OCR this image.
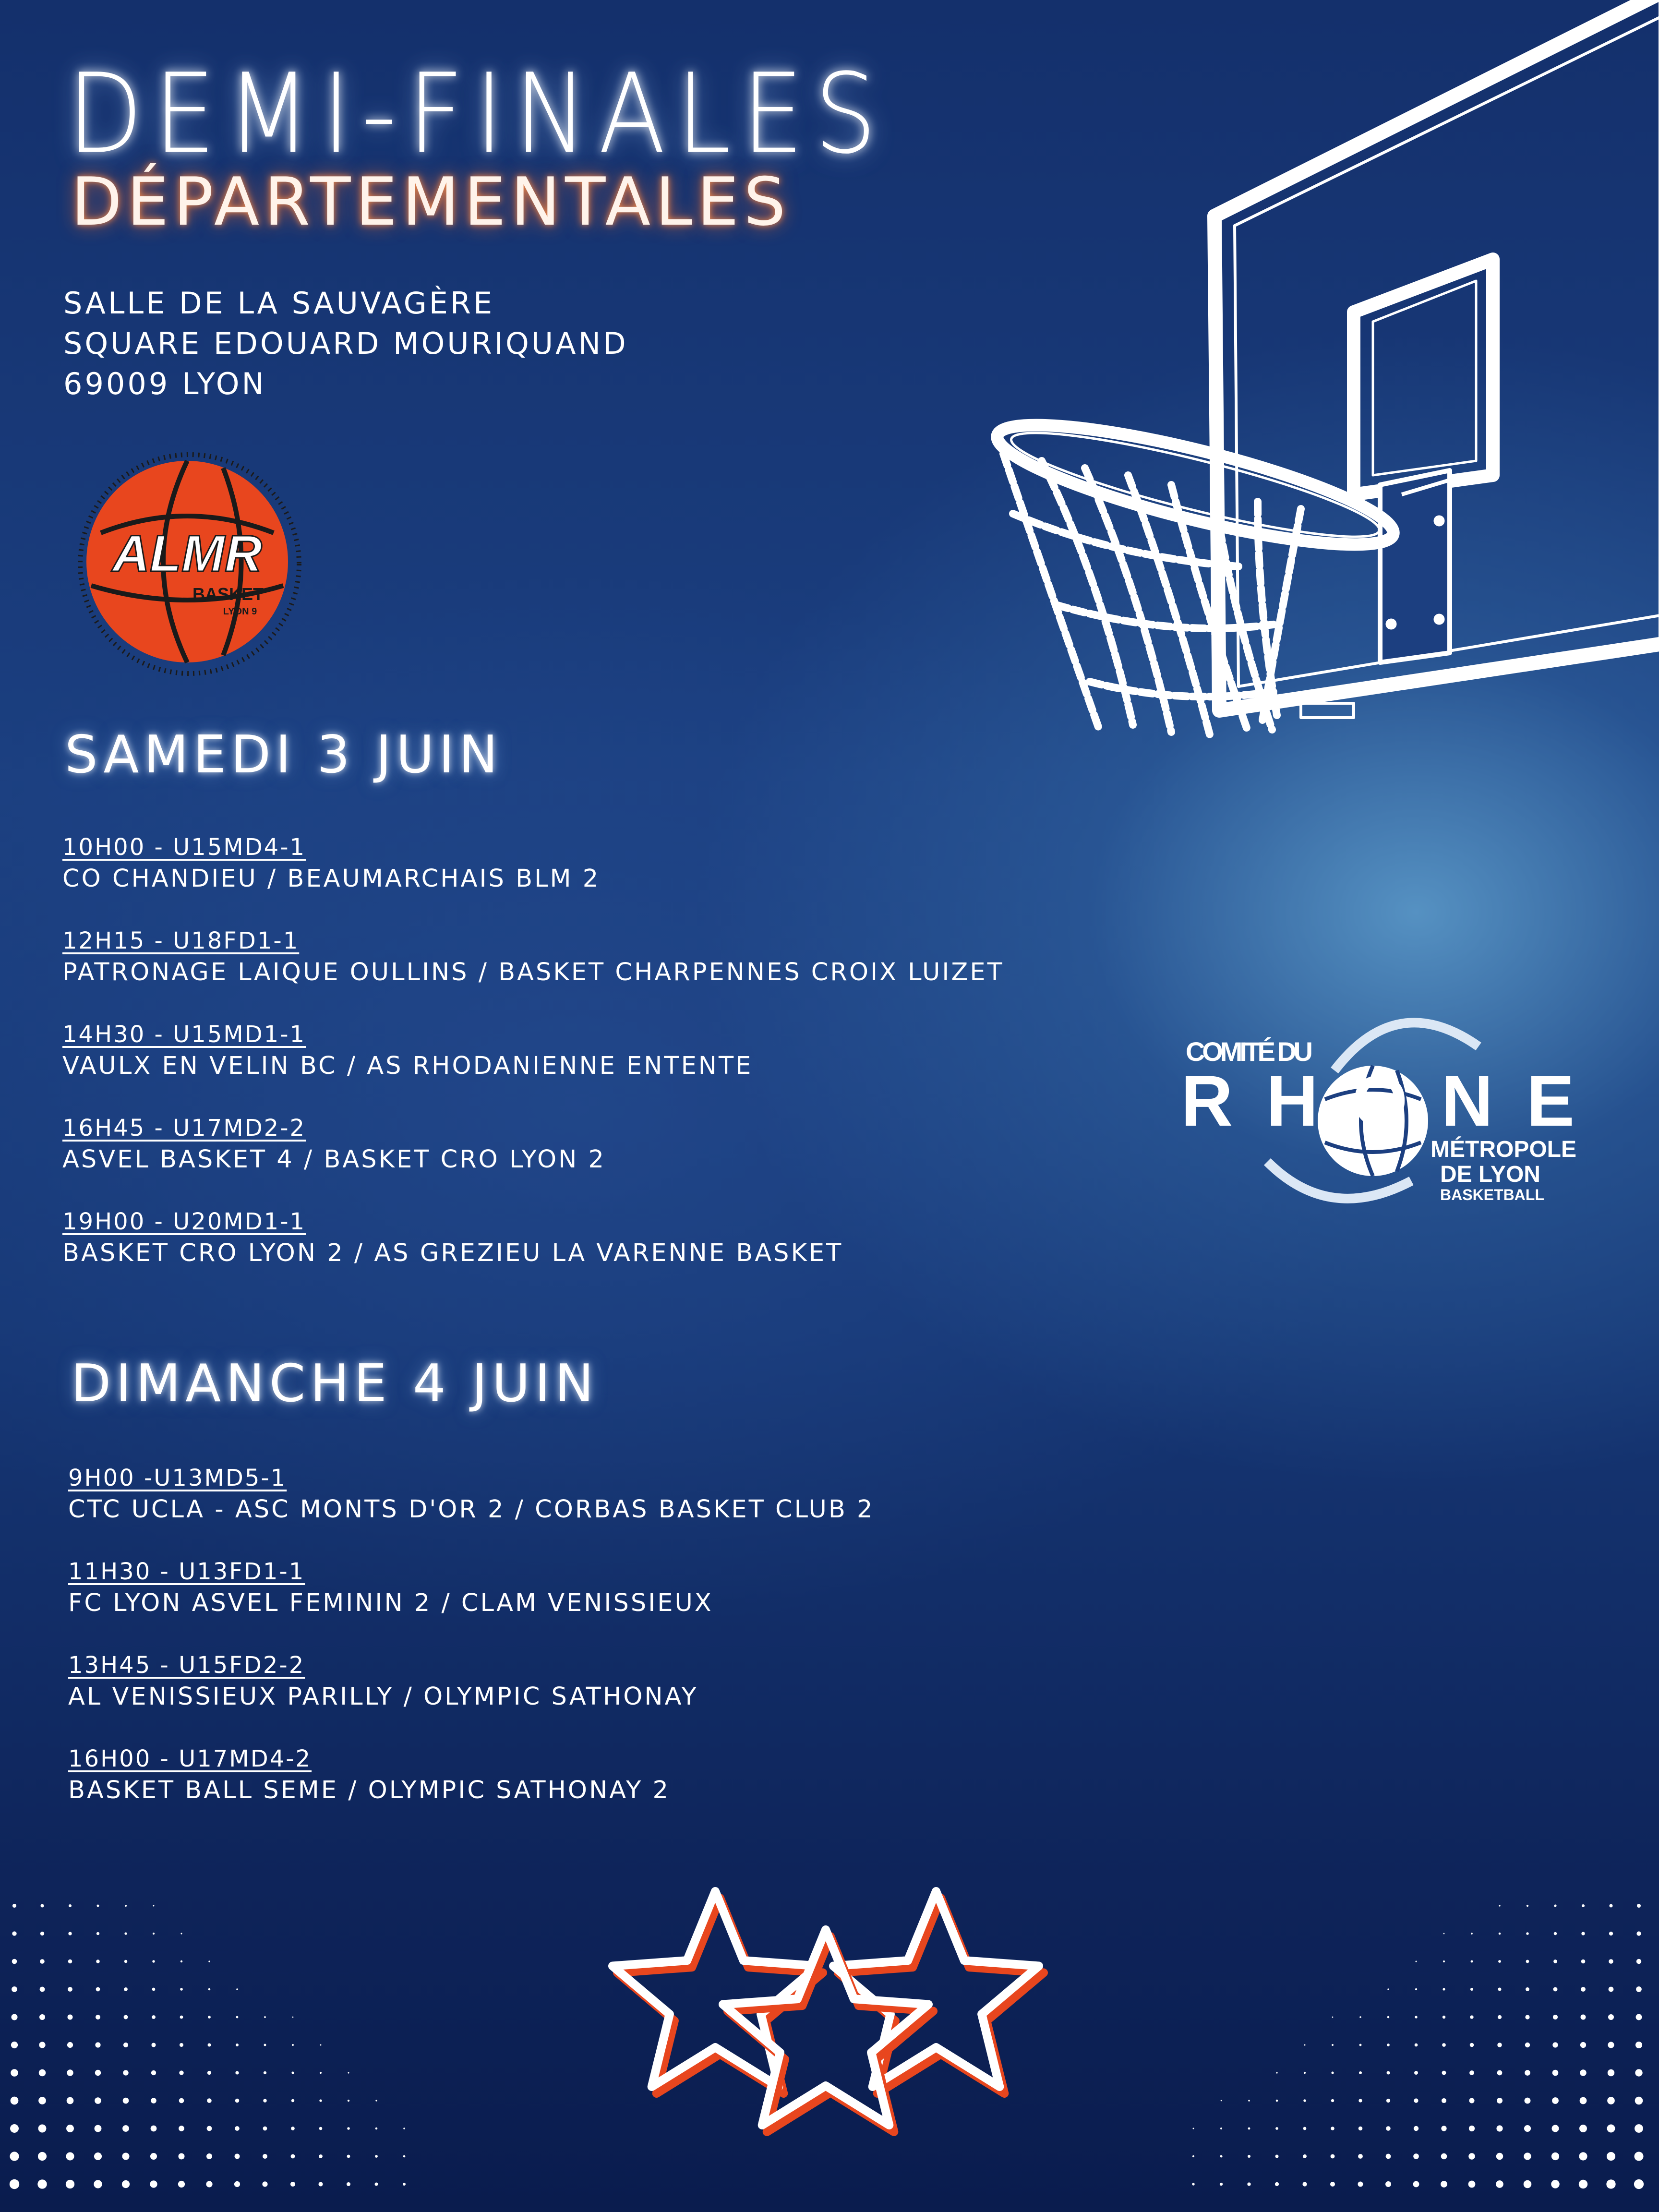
DEMI-FINALES
DÉPARTEMENTALES
SALLE DE LA SAUVAGÈRE
SQUARE EDOUARD MOURIQUAND
69009 LYON
ALMR
BASKET
LYON 9
COMITÉ DU
RHONE
MÉTROPOLE
DE LYON
BASKETBALL
SAMEDI 3 JUIN
10H00 - U15MD4-1
CO CHANDIEU / BEAUMARCHAIS BLM 2
12H15 - U18FD1-1
PATRONAGE LAIQUE OULLINS / BASKET CHARPENNES CROIX LUIZET
14H30 - U15MD1-1
VAULX EN VELIN BC / AS RHODANIENNE ENTENTE
16H45 - U17MD2-2
ASVEL BASKET 4 / BASKET CRO LYON 2
19H00 - U20MD1-1
BASKET CRO LYON 2 / AS GREZIEU LA VARENNE BASKET
DIMANCHE 4 JUIN
9H00 -U13MD5-1
CTC UCLA - ASC MONTS D'OR 2 / CORBAS BASKET CLUB 2
11H30 - U13FD1-1
FC LYON ASVEL FEMININ 2 / CLAM VENISSIEUX
13H45 - U15FD2-2
AL VENISSIEUX PARILLY / OLYMPIC SATHONAY
16H00 - U17MD4-2
BASKET BALL SEME / OLYMPIC SATHONAY 2
